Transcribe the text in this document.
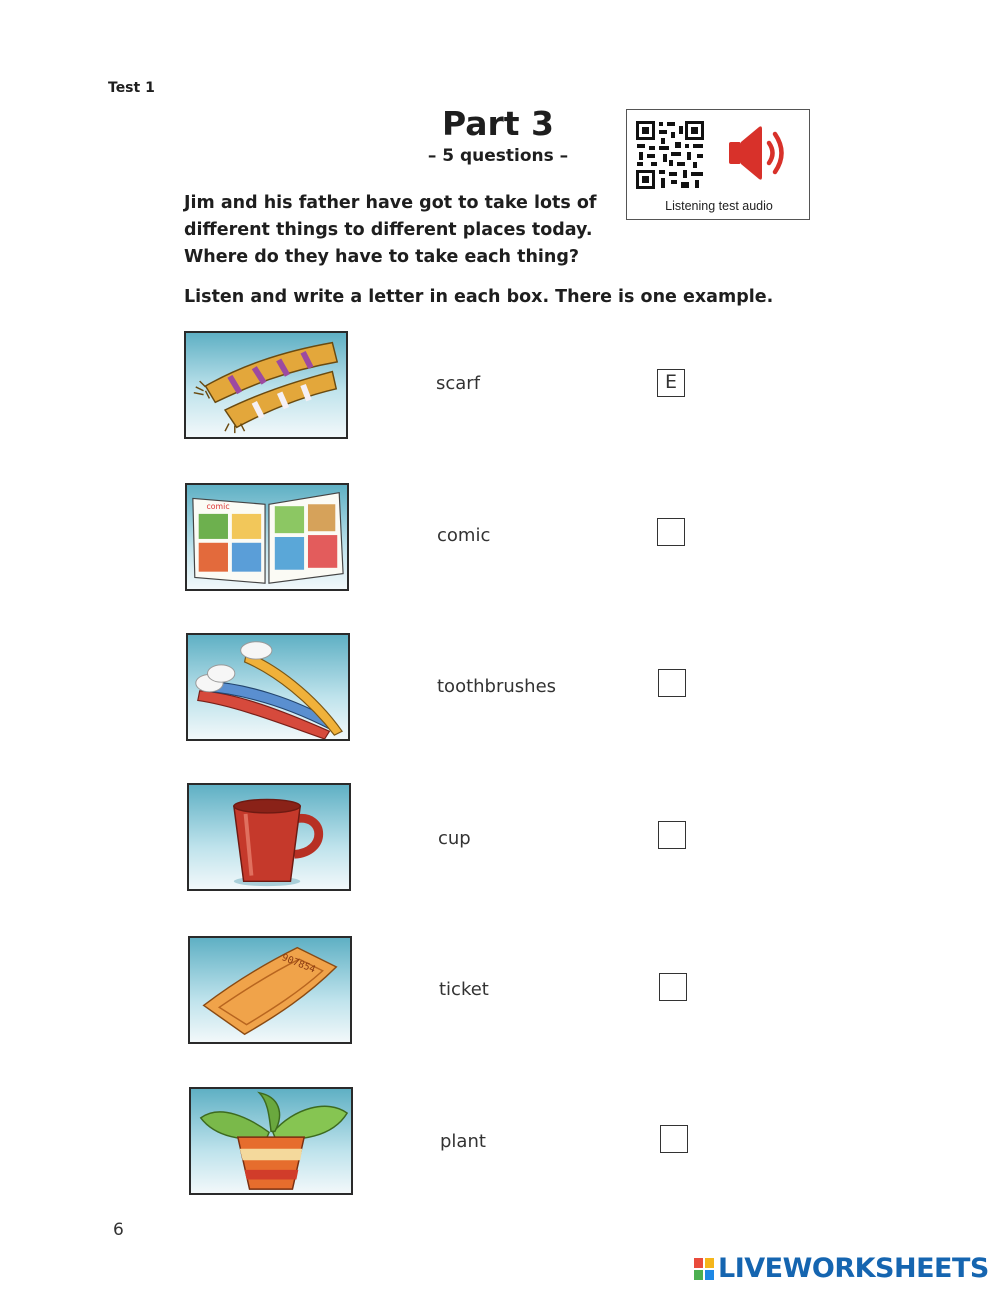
Test 1
Part 3
– 5 questions –
Listening test audio
Jim and his father have got to take lots of
different things to different places today.
Where do they have to take each thing?
Listen and write a letter in each box. There is one example.
scarf	E
comic
comic
toothbrushes
cup
907854
ticket
plant
6
LIVEWORKSHEETS
